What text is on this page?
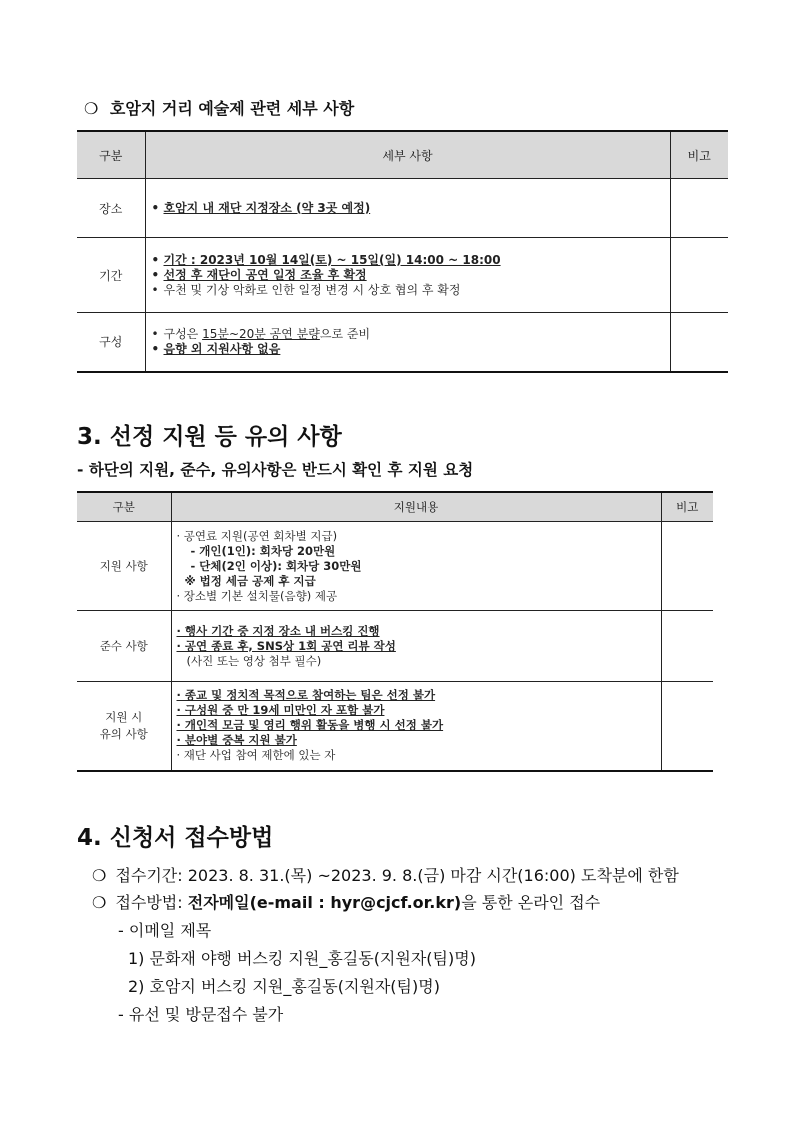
❍ 호암지 거리 예술제 관련 세부 사항
구분	세부 사항	비고
장소	• 호암지 내 재단 지정장소 (약 3곳 예정)	

기간	• 기간 : 2023년 10월 14일(토) ~ 15일(일) 14:00 ~ 18:00
• 선정 후 재단이 공연 일정 조율 후 확정
• 우천 및 기상 악화로 인한 일정 변경 시 상호 협의 후 확정	

구성	• 구성은 15분~20분 공연 분량으로 준비
• 음향 외 지원사항 없음	

3. 선정 지원 등 유의 사항
- 하단의 지원, 준수, 유의사항은 반드시 확인 후 지원 요청
구분	지원내용	비고
지원 사항	· 공연료 지원(공연 회차별 지급)
- 개인(1인): 회차당 20만원
- 단체(2인 이상): 회차당 30만원
※ 법정 세금 공제 후 지급
· 장소별 기본 설치물(음향) 제공	

준수 사항	· 행사 기간 중 지정 장소 내 버스킹 진행
· 공연 종료 후, SNS상 1회 공연 리뷰 작성
(사진 또는 영상 첨부 필수)	

지원 시
유의 사항	· 종교 및 정치적 목적으로 참여하는 팀은 선정 불가
· 구성원 중 만 19세 미만인 자 포함 불가
· 개인적 모금 및 영리 행위 활동을 병행 시 선정 불가
· 분야별 중복 지원 불가
· 재단 사업 참여 제한에 있는 자	

4. 신청서 접수방법
❍ 접수기간: 2023. 8. 31.(목) ~2023. 9. 8.(금) 마감 시간(16:00) 도착분에 한함
❍ 접수방법: 전자메일(e-mail : hyr@cjcf.or.kr)을 통한 온라인 접수
- 이메일 제목
1) 문화재 야행 버스킹 지원_홍길동(지원자(팀)명)
2) 호암지 버스킹 지원_홍길동(지원자(팀)명)
- 유선 및 방문접수 불가
